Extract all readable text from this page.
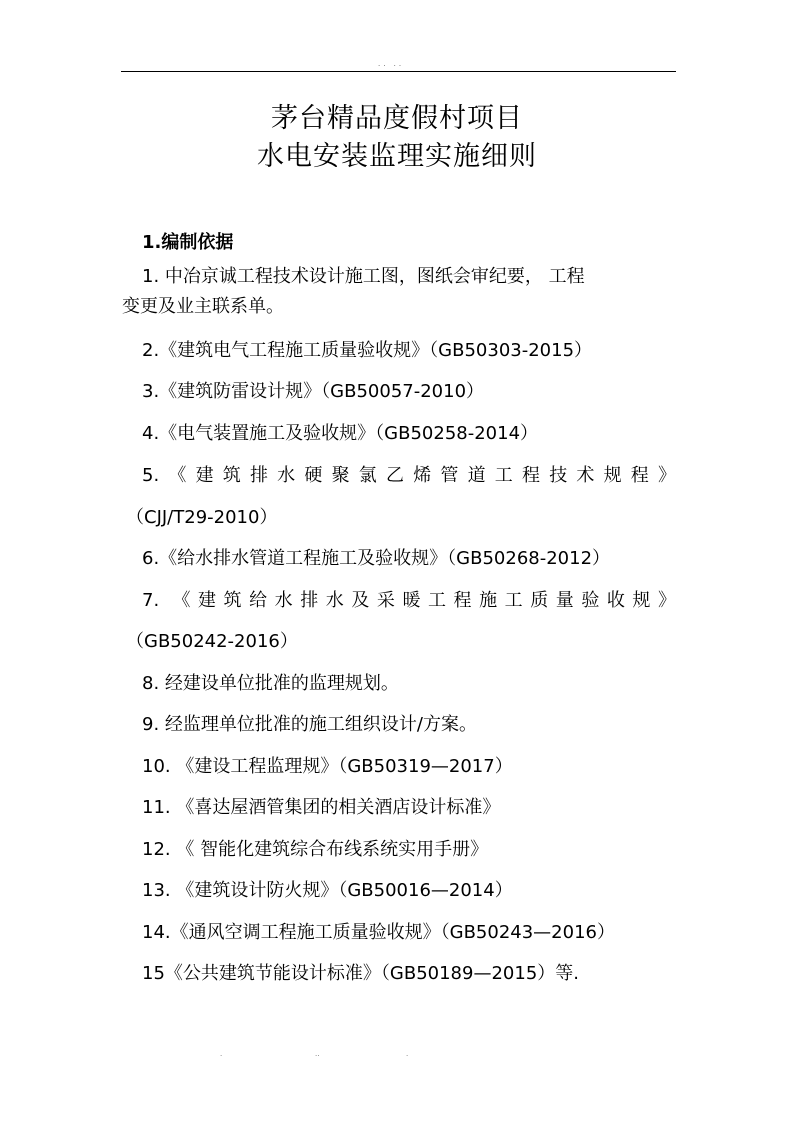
.. ..
茅台精品度假村项目
水电安装监理实施细则
1.编制依据
1. 中冶京诚工程技术设计施工图，图纸会审纪要， 工程
变更及业主联系单。
2.《建筑电气工程施工质量验收规》（GB50303-2015）
3.《建筑防雷设计规》（GB50057-2010）
4.《电气装置施工及验收规》（GB50258-2014）
5.《建筑排水硬聚氯乙烯管道工程技术规程》
（CJJ/T29-2010）
6.《给水排水管道工程施工及验收规》（GB50268-2012）
7. 《建筑给水排水及采暖工程施工质量验收规》
（GB50242-2016）
8. 经建设单位批准的监理规划。
9. 经监理单位批准的施工组织设计/方案。
10. 《建设工程监理规》（GB50319—2017）
11. 《喜达屋酒管集团的相关酒店设计标准》
12. 《 智能化建筑综合布线系统实用手册》
13. 《建筑设计防火规》（GB50016—2014）
14.《通风空调工程施工质量验收规》（GB50243—2016）
15《公共建筑节能设计标准》（GB50189—2015）等.
.	..	.
